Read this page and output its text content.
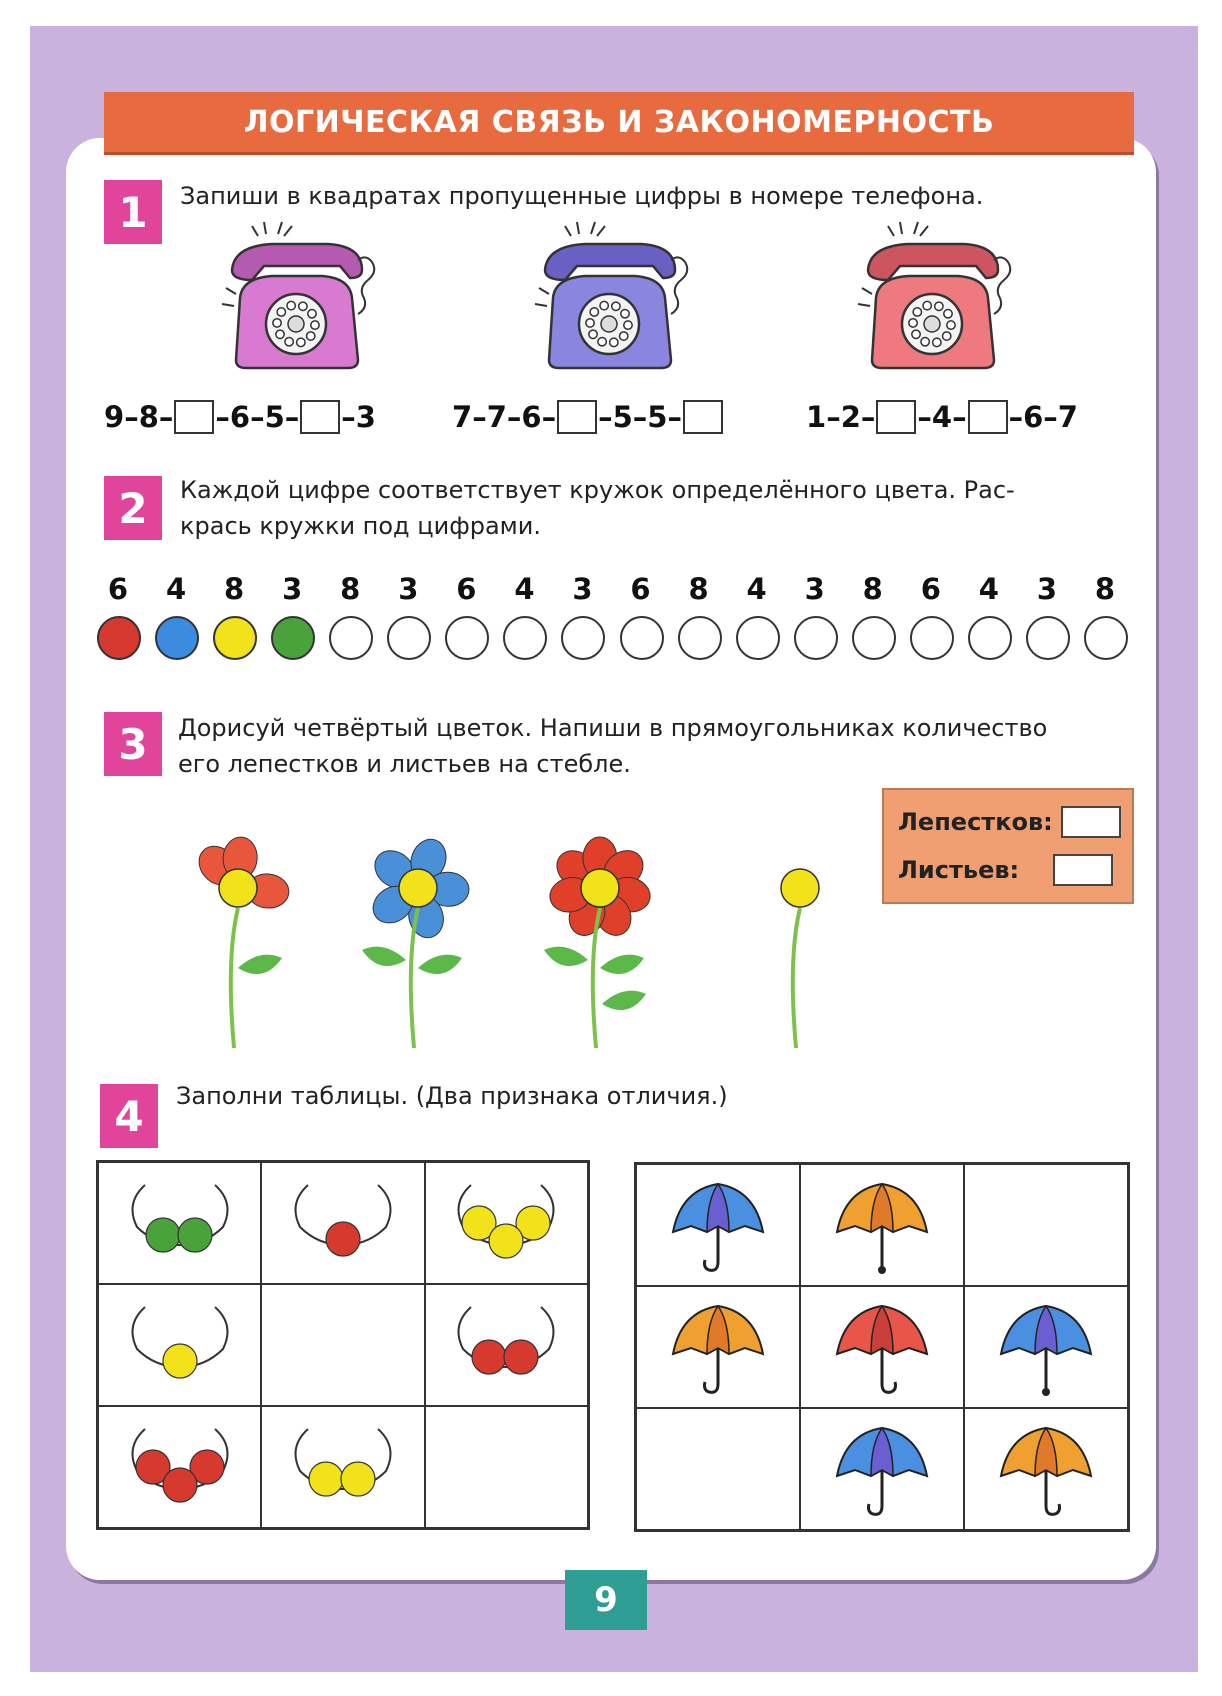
ЛОГИЧЕСКАЯ СВЯЗЬ И ЗАКОНОМЕРНОСТЬ
1	Запиши в квадратах пропущенные цифры в номере телефона.
9 – 8 – – 6 – 5 – – 3	7 – 7 – 6 – – 5 – 5 –	1 – 2 – – 4 – – 6 – 7
2	Каждой цифре соответствует кружок определённого цвета. Рас-
крась кружки под цифрами.
6	4	8	3	8	3	6	4	3	6	8	4	3	8	6	4	3	8
3	Дорисуй четвёртый цветок. Напиши в прямоугольниках количество
его лепестков и листьев на стебле.
Лепестков:
Листьев:
4	Заполни таблицы. (Два признака отличия.)
9
